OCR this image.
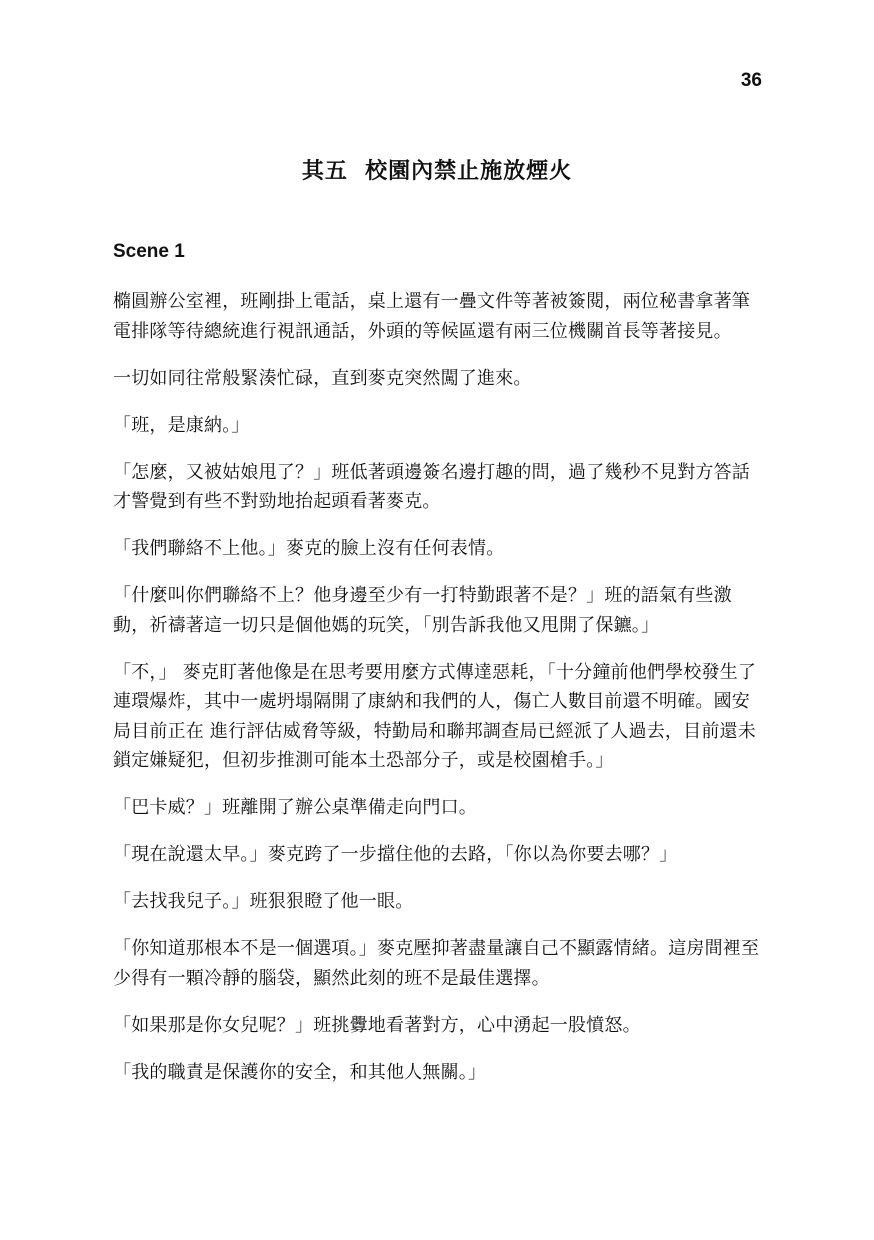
36
其五  校園內禁止施放煙火
Scene 1

橢圓辦公室裡，班剛掛上電話，桌上還有一疊文件等著被簽閱，兩位秘書拿著筆電排隊等待總統進行視訊通話，外頭的等候區還有兩三位機關首長等著接見。

一切如同往常般緊湊忙碌，直到麥克突然闖了進來。

「班，是康納。」

「怎麼，又被姑娘甩了？」班低著頭邊簽名邊打趣的問，過了幾秒不見對方答話才警覺到有些不對勁地抬起頭看著麥克。

「我們聯絡不上他。」麥克的臉上沒有任何表情。

「什麼叫你們聯絡不上？他身邊至少有一打特勤跟著不是？」班的語氣有些激動，祈禱著這一切只是個他媽的玩笑，「別告訴我他又甩開了保鑣。」

「不，」 麥克盯著他像是在思考要用麼方式傳達惡耗，「十分鐘前他們學校發生了連環爆炸，其中一處坍塌隔開了康納和我們的人，傷亡人數目前還不明確。國安局目前正在 進行評估威脅等級，特勤局和聯邦調查局已經派了人過去，目前還未鎖定嫌疑犯，但初步推測可能本土恐部分子，或是校園槍手。」

「巴卡威？」班離開了辦公桌準備走向門口。

「現在說還太早。」麥克跨了一步擋住他的去路，「你以為你要去哪？」

「去找我兒子。」班狠狠瞪了他一眼。

「你知道那根本不是一個選項。」麥克壓抑著盡量讓自己不顯露情緒。這房間裡至少得有一顆冷靜的腦袋，顯然此刻的班不是最佳選擇。

「如果那是你女兒呢？」班挑釁地看著對方，心中湧起一股憤怒。

「我的職責是保護你的安全，和其他人無關。」
